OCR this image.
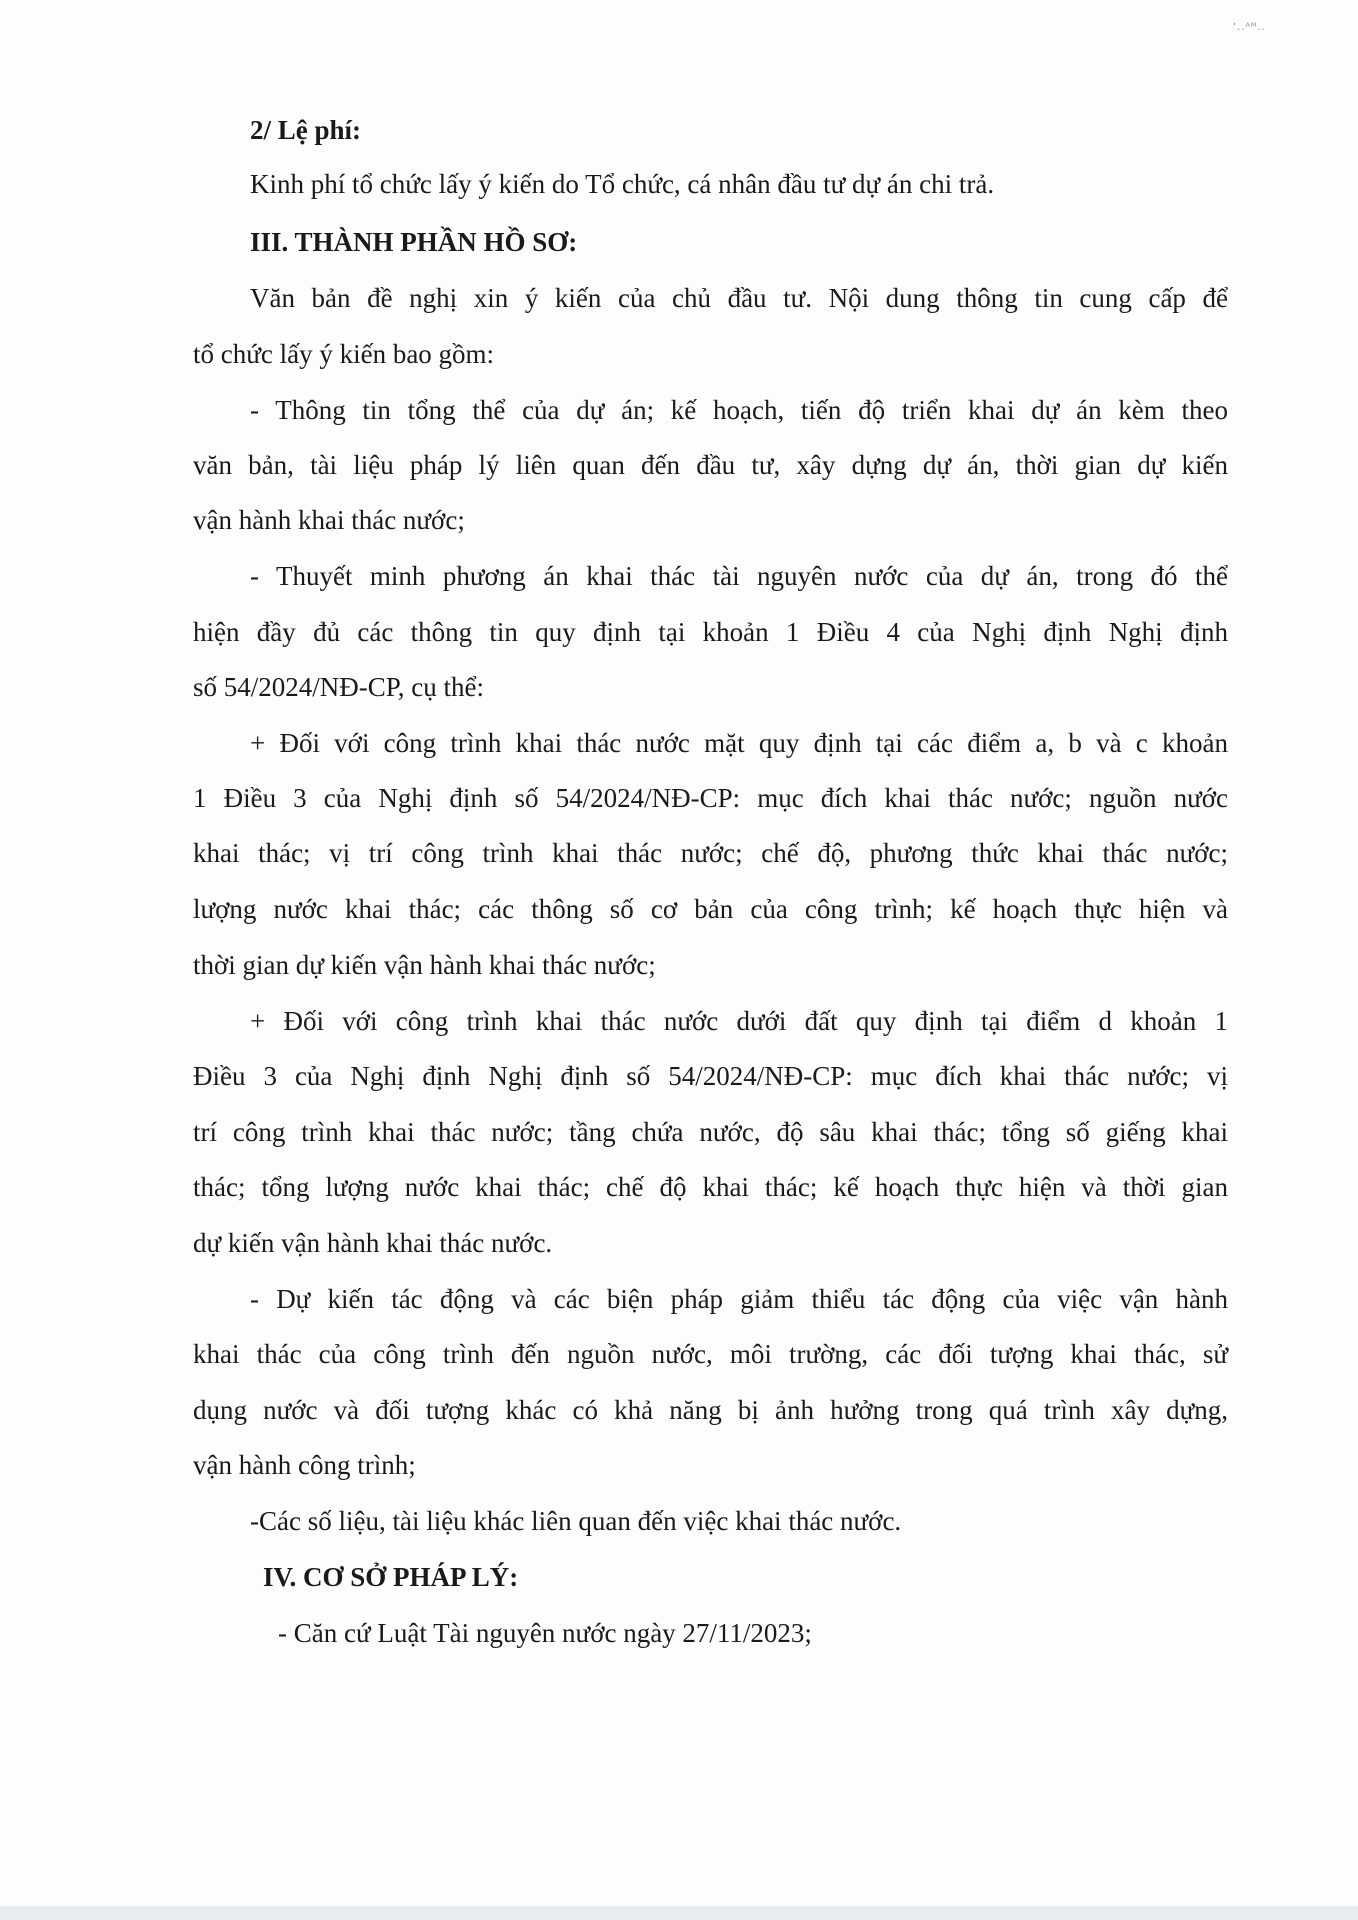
ʻ..ᴬᴹ..
2/ Lệ phí:
Kinh phí tổ chức lấy ý kiến do Tổ chức, cá nhân đầu tư dự án chi trả.
III. THÀNH PHẦN HỒ SƠ:
Văn bản đề nghị xin ý kiến của chủ đầu tư. Nội dung thông tin cung cấp để
tổ chức lấy ý kiến bao gồm:
- Thông tin tổng thể của dự án; kế hoạch, tiến độ triển khai dự án kèm theo
văn bản, tài liệu pháp lý liên quan đến đầu tư, xây dựng dự án, thời gian dự kiến
vận hành khai thác nước;
- Thuyết minh phương án khai thác tài nguyên nước của dự án, trong đó thể
hiện đầy đủ các thông tin quy định tại khoản 1 Điều 4 của Nghị định Nghị định
số 54/2024/NĐ-CP, cụ thể:
+ Đối với công trình khai thác nước mặt quy định tại các điểm a, b và c khoản
1 Điều 3 của Nghị định số 54/2024/NĐ-CP: mục đích khai thác nước; nguồn nước
khai thác; vị trí công trình khai thác nước; chế độ, phương thức khai thác nước;
lượng nước khai thác; các thông số cơ bản của công trình; kế hoạch thực hiện và
thời gian dự kiến vận hành khai thác nước;
+ Đối với công trình khai thác nước dưới đất quy định tại điểm d khoản 1
Điều 3 của Nghị định Nghị định số 54/2024/NĐ-CP: mục đích khai thác nước; vị
trí công trình khai thác nước; tầng chứa nước, độ sâu khai thác; tổng số giếng khai
thác; tổng lượng nước khai thác; chế độ khai thác; kế hoạch thực hiện và thời gian
dự kiến vận hành khai thác nước.
- Dự kiến tác động và các biện pháp giảm thiểu tác động của việc vận hành
khai thác của công trình đến nguồn nước, môi trường, các đối tượng khai thác, sử
dụng nước và đối tượng khác có khả năng bị ảnh hưởng trong quá trình xây dựng,
vận hành công trình;
-Các số liệu, tài liệu khác liên quan đến việc khai thác nước.
IV. CƠ SỞ PHÁP LÝ:
- Căn cứ Luật Tài nguyên nước ngày 27/11/2023;
